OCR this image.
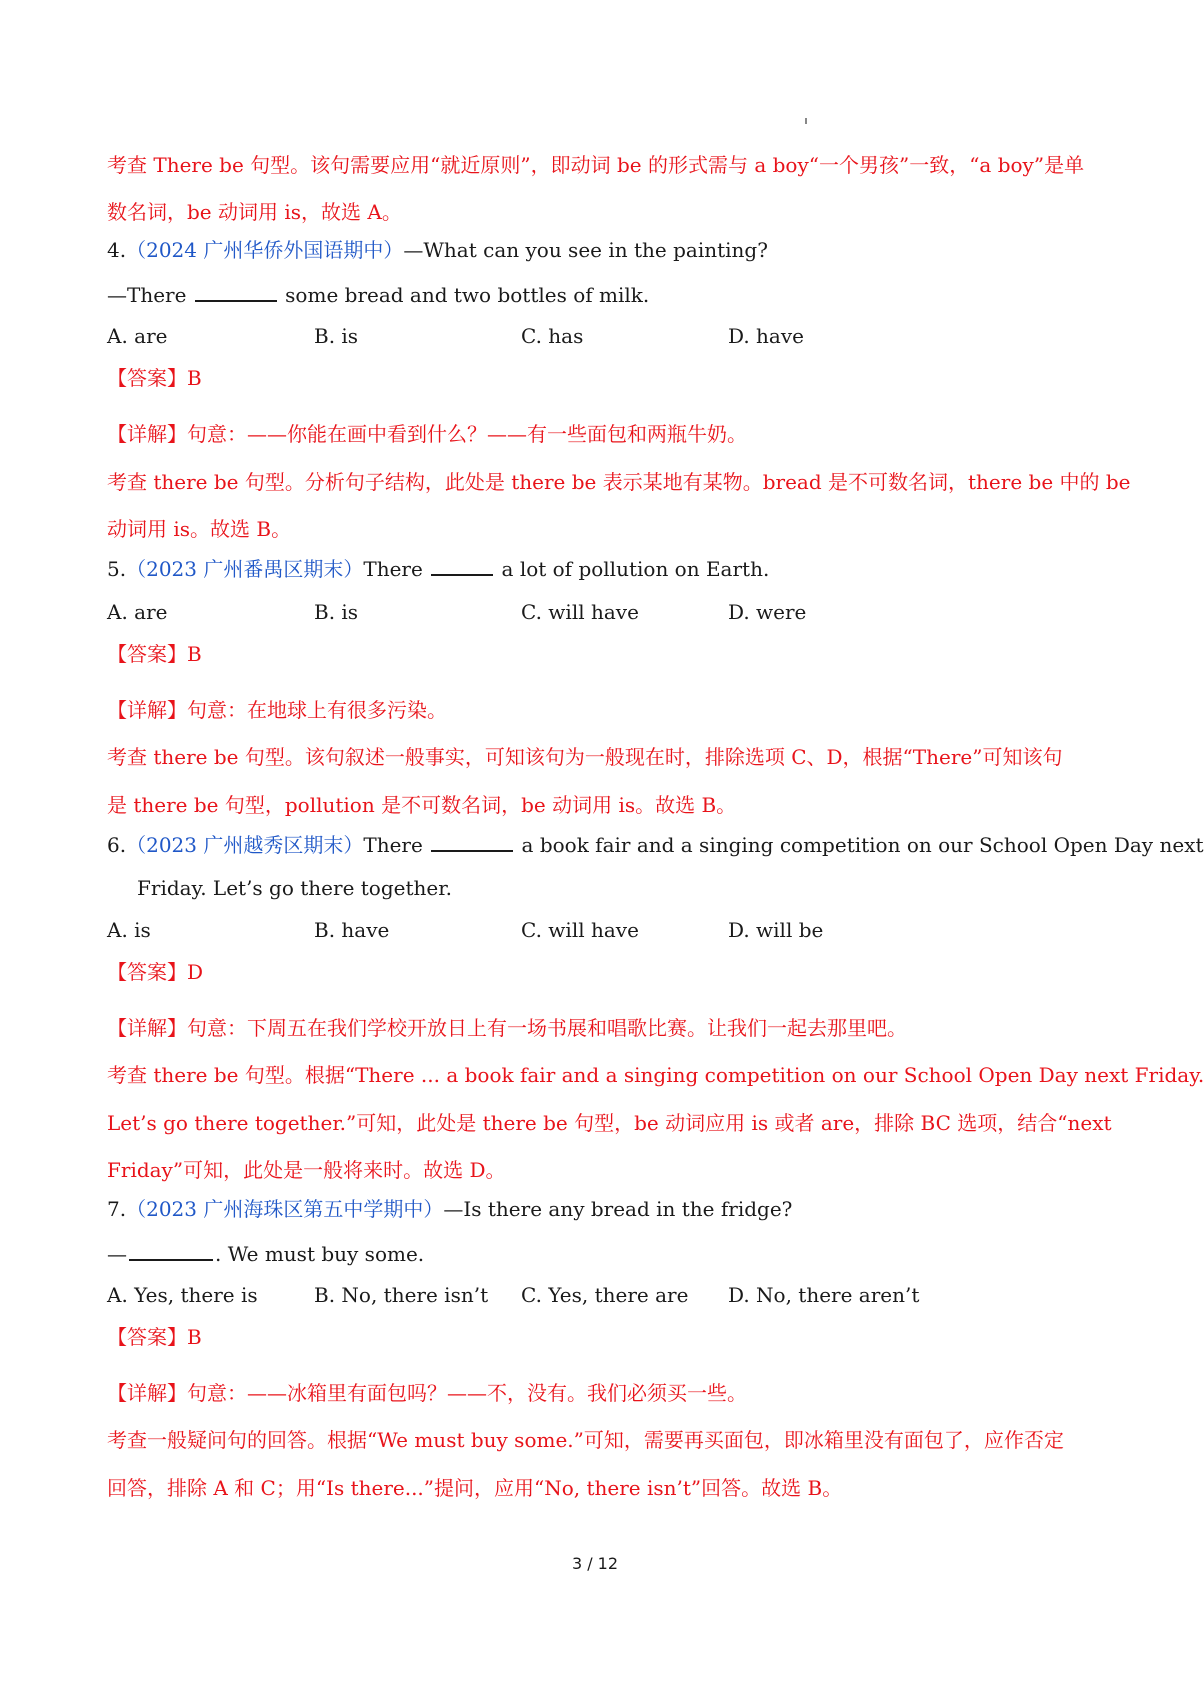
考查 There be 句型。该句需要应用“就近原则”，即动词 be 的形式需与 a boy“一个男孩”一致，“a boy”是单
数名词，be 动词用 is，故选 A。
4.（2024 广州华侨外国语期中）—What can you see in the painting?
—There	some bread and two bottles of milk.
A. are	B. is	C. has	D. have
【答案】B
【详解】句意：——你能在画中看到什么？——有一些面包和两瓶牛奶。
考查 there be 句型。分析句子结构，此处是 there be 表示某地有某物。bread 是不可数名词，there be 中的 be
动词用 is。故选 B。
5.（2023 广州番禺区期末）There	a lot of pollution on Earth.
A. are	B. is	C. will have	D. were
【答案】B
【详解】句意：在地球上有很多污染。
考查 there be 句型。该句叙述一般事实，可知该句为一般现在时，排除选项 C、D，根据“There”可知该句
是 there be 句型，pollution 是不可数名词，be 动词用 is。故选 B。
6.（2023 广州越秀区期末）There	a book fair and a singing competition on our School Open Day next
Friday. Let’s go there together.
A. is	B. have	C. will have	D. will be
【答案】D
【详解】句意：下周五在我们学校开放日上有一场书展和唱歌比赛。让我们一起去那里吧。
考查 there be 句型。根据“There ... a book fair and a singing competition on our School Open Day next Friday.
Let’s go there together.”可知，此处是 there be 句型，be 动词应用 is 或者 are，排除 BC 选项，结合“next
Friday”可知，此处是一般将来时。故选 D。
7.（2023 广州海珠区第五中学期中）—Is there any bread in the fridge?
—	. We must buy some.
A. Yes, there is	B. No, there isn’t C. Yes, there are D. No, there aren’t
【答案】B
【详解】句意：——冰箱里有面包吗？——不，没有。我们必须买一些。
考查一般疑问句的回答。根据“We must buy some.”可知，需要再买面包，即冰箱里没有面包了，应作否定
回答，排除 A 和 C；用“Is there...”提问，应用“No, there isn’t”回答。故选 B。
3 / 12
